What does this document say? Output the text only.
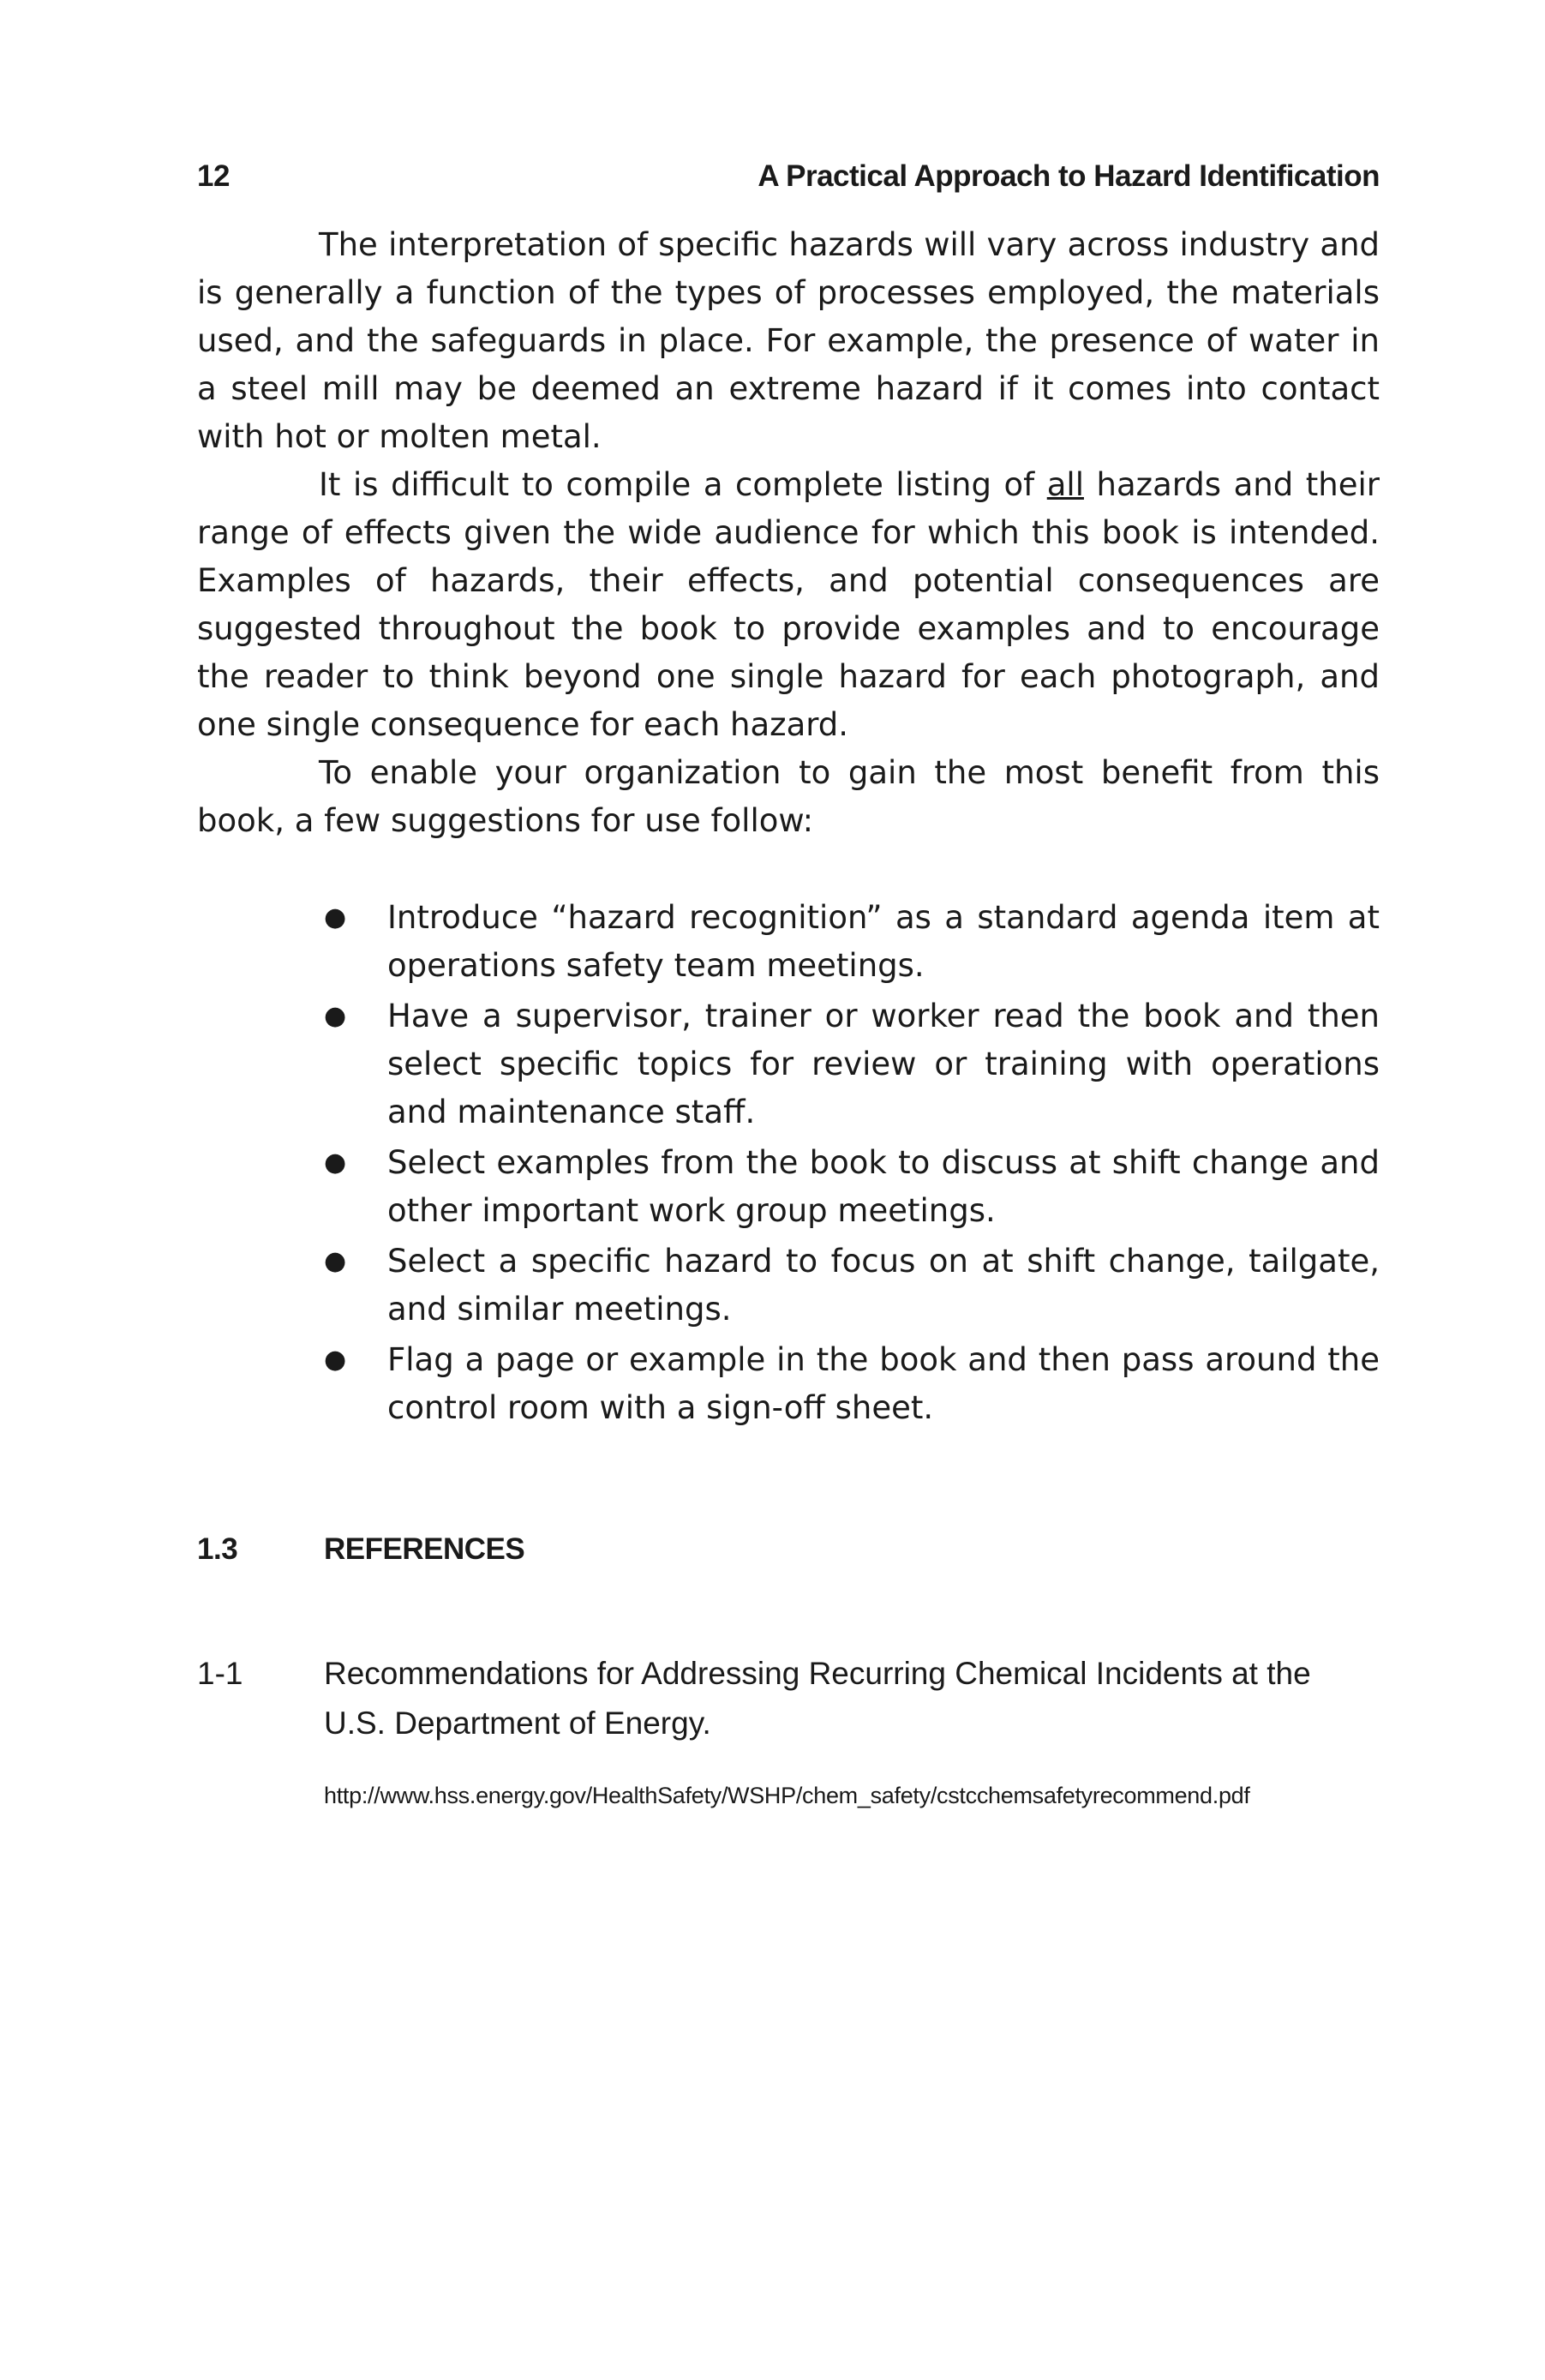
12	A Practical Approach to Hazard Identification

The interpretation of specific hazards will vary across industry and is generally a function of the types of processes employed, the materials used, and the safeguards in place. For example, the presence of water in a steel mill may be deemed an extreme hazard if it comes into contact with hot or molten metal.

It is difficult to compile a complete listing of all hazards and their range of effects given the wide audience for which this book is intended. Examples of hazards, their effects, and potential consequences are suggested throughout the book to provide examples and to encourage the reader to think beyond one single hazard for each photograph, and one single consequence for each hazard.

To enable your organization to gain the most benefit from this book, a few suggestions for use follow:

● Introduce “hazard recognition” as a standard agenda item at operations safety team meetings.
● Have a supervisor, trainer or worker read the book and then select specific topics for review or training with operations and maintenance staff.
● Select examples from the book to discuss at shift change and other important work group meetings.
● Select a specific hazard to focus on at shift change, tailgate, and similar meetings.
● Flag a page or example in the book and then pass around the control room with a sign-off sheet.
1.3	REFERENCES
1-1	Recommendations for Addressing Recurring Chemical Incidents at the U.S. Department of Energy.
http://www.hss.energy.gov/HealthSafety/WSHP/chem_safety/cstcchemsafetyrecommend.pdf
